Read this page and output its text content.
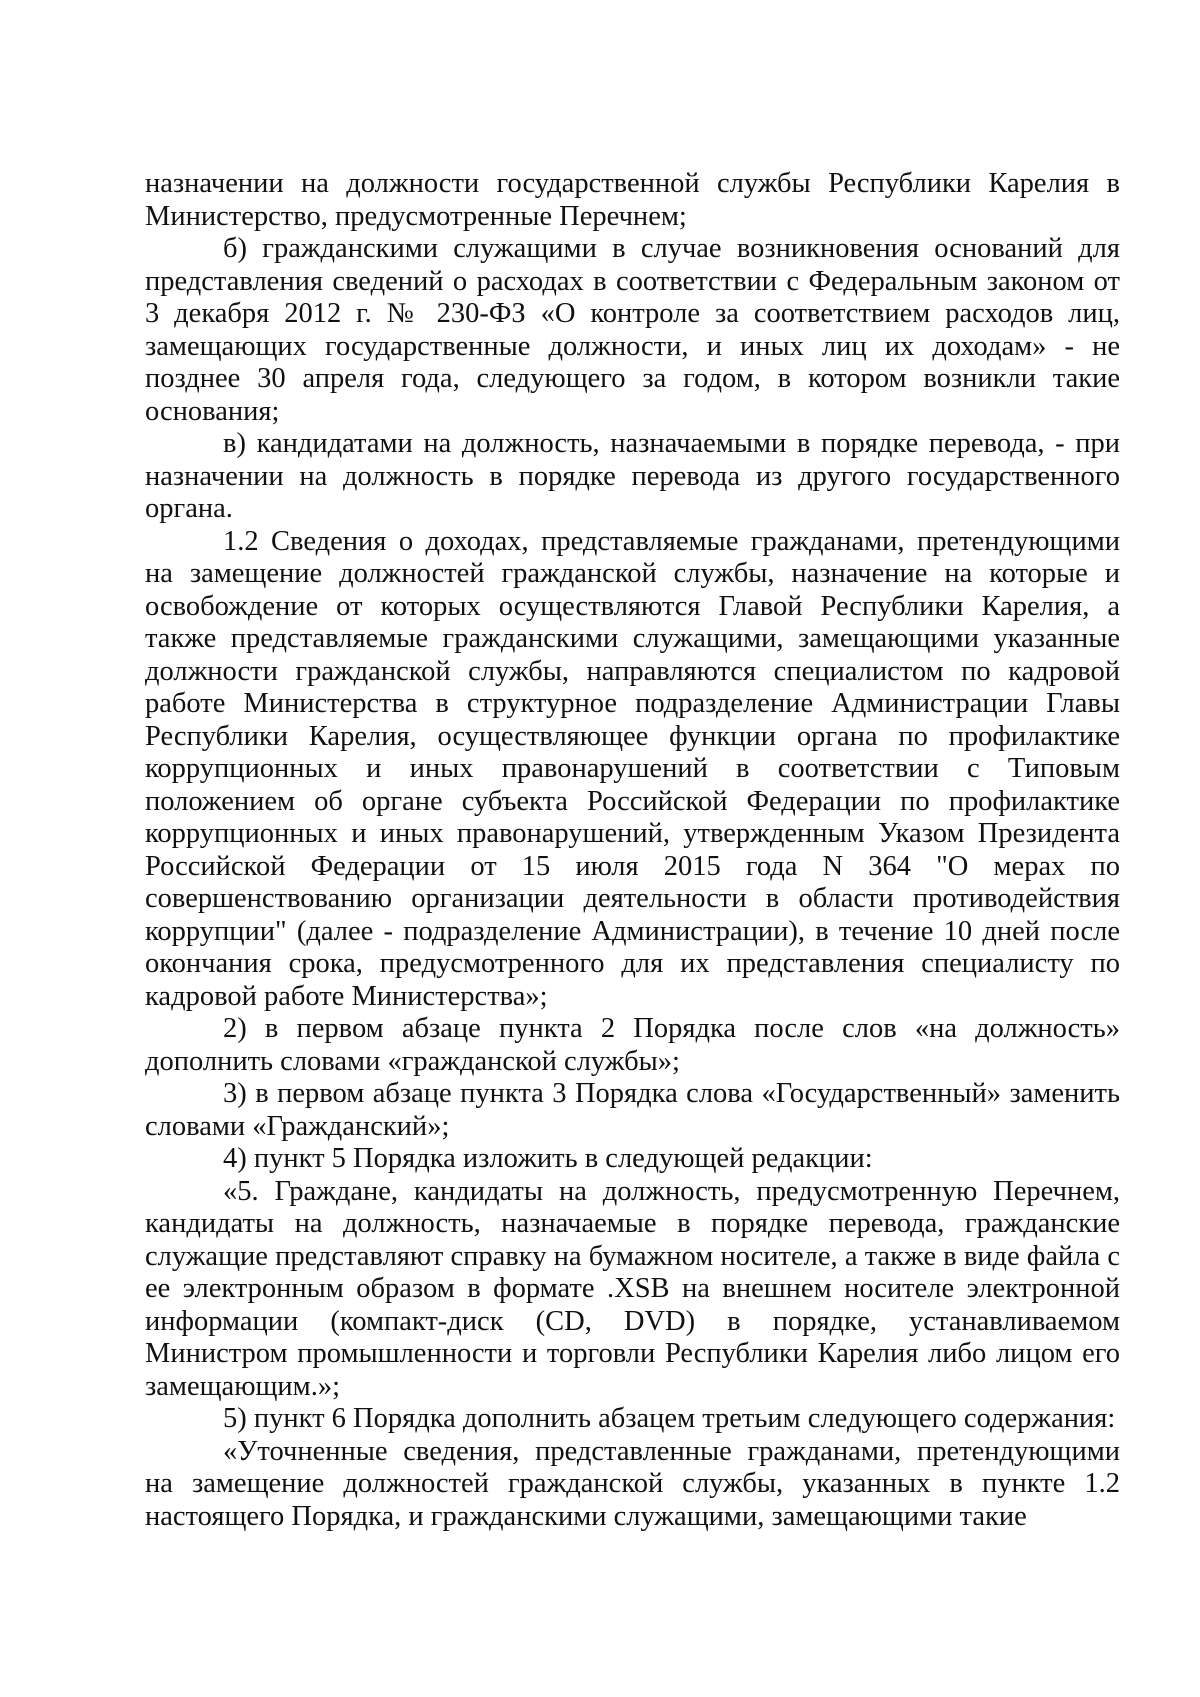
назначении на должности государственной службы Республики Карелия в Министерство, предусмотренные Перечнем;

б) гражданскими служащими в случае возникновения оснований для представления сведений о расходах в соответствии с Федеральным законом от 3 декабря 2012 г. № 230-ФЗ «О контроле за соответствием расходов лиц, замещающих государственные должности, и иных лиц их доходам» - не позднее 30 апреля года, следующего за годом, в котором возникли такие основания;

в) кандидатами на должность, назначаемыми в порядке перевода, - при назначении на должность в порядке перевода из другого государственного органа.

1.2 Сведения о доходах, представляемые гражданами, претендующими на замещение должностей гражданской службы, назначение на которые и освобождение от которых осуществляются Главой Республики Карелия, а также представляемые гражданскими служащими, замещающими указанные должности гражданской службы, направляются специалистом по кадровой работе Министерства в структурное подразделение Администрации Главы Республики Карелия, осуществляющее функции органа по профилактике коррупционных и иных правонарушений в соответствии с Типовым положением об органе субъекта Российской Федерации по профилактике коррупционных и иных правонарушений, утвержденным Указом Президента Российской Федерации от 15 июля 2015 года N 364 "О мерах по совершенствованию организации деятельности в области противодействия коррупции" (далее - подразделение Администрации), в течение 10 дней после окончания срока, предусмотренного для их представления специалисту по кадровой работе Министерства»;

2) в первом абзаце пункта 2 Порядка после слов «на должность» дополнить словами «гражданской службы»;

3) в первом абзаце пункта 3 Порядка слова «Государственный» заменить словами «Гражданский»;

4) пункт 5 Порядка изложить в следующей редакции:

«5. Граждане, кандидаты на должность, предусмотренную Перечнем, кандидаты на должность, назначаемые в порядке перевода, гражданские служащие представляют справку на бумажном носителе, а также в виде файла с ее электронным образом в формате .XSB на внешнем носителе электронной информации (компакт-диск (CD, DVD) в порядке, устанавливаемом Министром промышленности и торговли Республики Карелия либо лицом его замещающим.»;

5) пункт 6 Порядка дополнить абзацем третьим следующего содержания:

«Уточненные сведения, представленные гражданами, претендующими на замещение должностей гражданской службы, указанных в пункте 1.2 настоящего Порядка, и гражданскими служащими, замещающими такие
